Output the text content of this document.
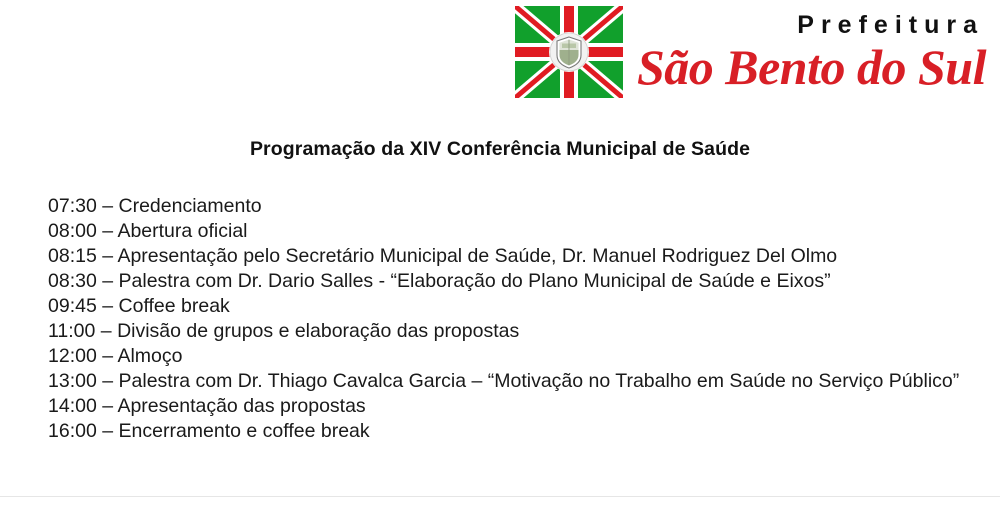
Prefeitura
São Bento do Sul
Programação da XIV Conferência Municipal de Saúde
07:30 – Credenciamento
08:00 – Abertura oficial
08:15 – Apresentação pelo Secretário Municipal de Saúde, Dr. Manuel Rodriguez Del Olmo
08:30 – Palestra com Dr. Dario Salles - “Elaboração do Plano Municipal de Saúde e Eixos”
09:45 – Coffee break
11:00 – Divisão de grupos e elaboração das propostas
12:00 – Almoço
13:00 – Palestra com Dr. Thiago Cavalca Garcia – “Motivação no Trabalho em Saúde no Serviço Público”
14:00 – Apresentação das propostas
16:00 – Encerramento e coffee break
